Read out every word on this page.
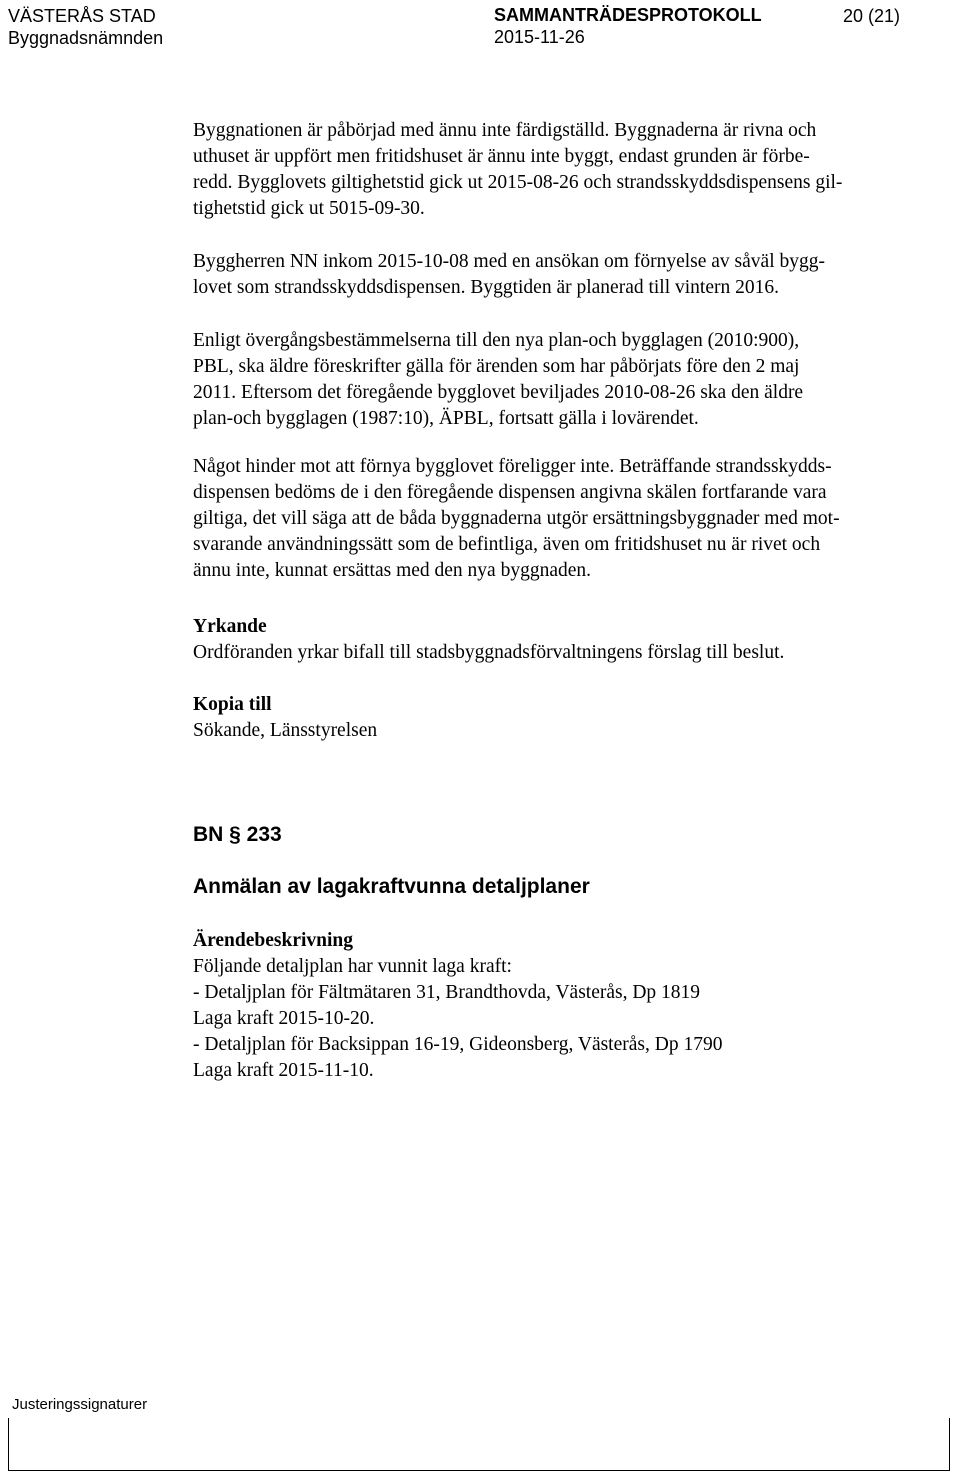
VÄSTERÅS STAD
Byggnadsnämnden
SAMMANTRÄDESPROTOKOLL
2015-11-26
20 (21)
Byggnationen är påbörjad med ännu inte färdigställd. Byggnaderna är rivna och
uthuset är uppfört men fritidshuset är ännu inte byggt, endast grunden är förbe-
redd. Bygglovets giltighetstid gick ut 2015-08-26 och strandsskyddsdispensens gil-
tighetstid gick ut 5015-09-30.
Byggherren NN inkom 2015-10-08 med en ansökan om förnyelse av såväl bygg-
lovet som strandsskyddsdispensen. Byggtiden är planerad till vintern 2016.
Enligt övergångsbestämmelserna till den nya plan-och bygglagen (2010:900),
PBL, ska äldre föreskrifter gälla för ärenden som har påbörjats före den 2 maj
2011. Eftersom det föregående bygglovet beviljades 2010-08-26 ska den äldre
plan-och bygglagen (1987:10), ÄPBL, fortsatt gälla i lovärendet.
Något hinder mot att förnya bygglovet föreligger inte. Beträffande strandsskydds-
dispensen bedöms de i den föregående dispensen angivna skälen fortfarande vara
giltiga, det vill säga att de båda byggnaderna utgör ersättningsbyggnader med mot-
svarande användningssätt som de befintliga, även om fritidshuset nu är rivet och
ännu inte, kunnat ersättas med den nya byggnaden.
Yrkande
Ordföranden yrkar bifall till stadsbyggnadsförvaltningens förslag till beslut.
Kopia till
Sökande, Länsstyrelsen
BN § 233
Anmälan av lagakraftvunna detaljplaner
Ärendebeskrivning
Följande detaljplan har vunnit laga kraft:
- Detaljplan för Fältmätaren 31, Brandthovda, Västerås, Dp 1819
Laga kraft 2015-10-20.
- Detaljplan för Backsippan 16-19, Gideonsberg, Västerås, Dp 1790
Laga kraft 2015-11-10.
Justeringssignaturer
